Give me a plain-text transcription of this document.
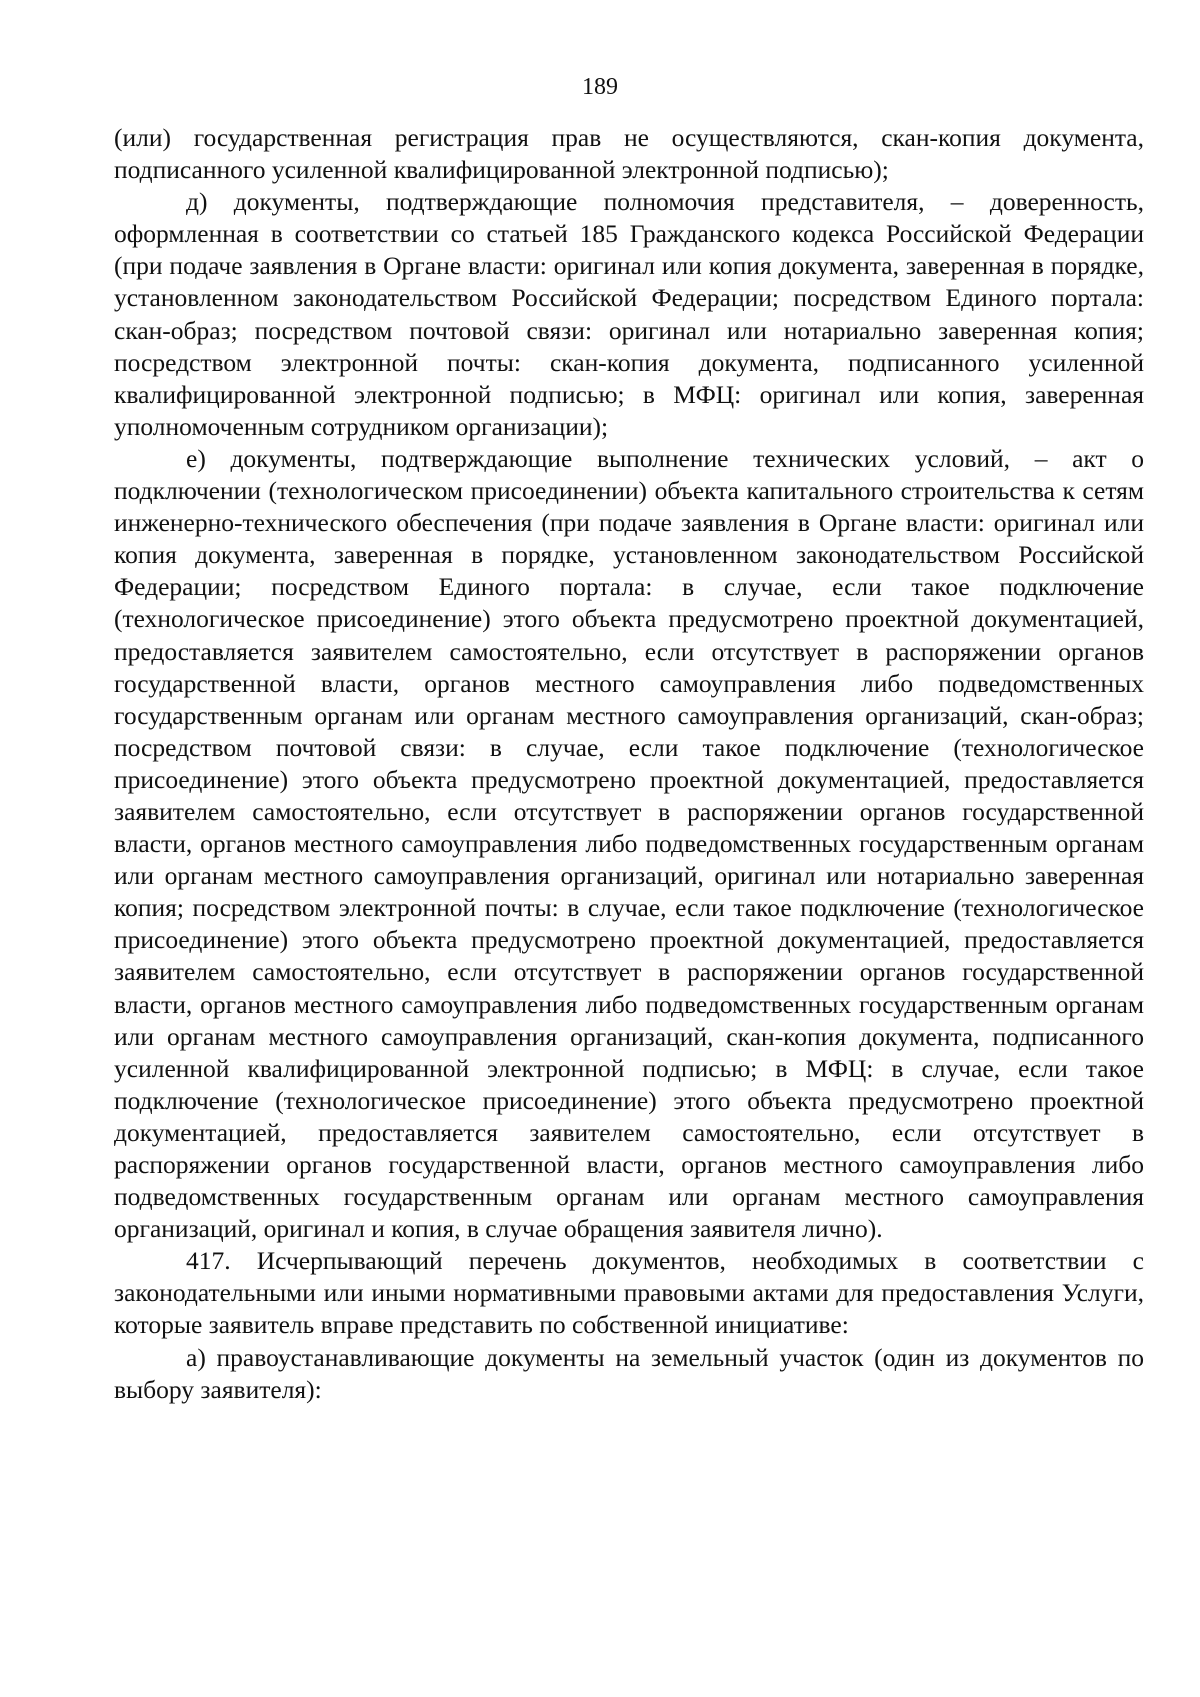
189

(или) государственная регистрация прав не осуществляются, скан-копия документа, подписанного усиленной квалифицированной электронной подписью);

д) документы, подтверждающие полномочия представителя, – доверенность, оформленная в соответствии со статьей 185 Гражданского кодекса Российской Федерации (при подаче заявления в Органе власти: оригинал или копия документа, заверенная в порядке, установленном законодательством Российской Федерации; посредством Единого портала: скан-образ; посредством почтовой связи: оригинал или нотариально заверенная копия; посредством электронной почты: скан-копия документа, подписанного усиленной квалифицированной электронной подписью; в МФЦ: оригинал или копия, заверенная уполномоченным сотрудником организации);

е) документы, подтверждающие выполнение технических условий, – акт о подключении (технологическом присоединении) объекта капитального строительства к сетям инженерно-технического обеспечения (при подаче заявления в Органе власти: оригинал или копия документа, заверенная в порядке, установленном законодательством Российской Федерации; посредством Единого портала: в случае, если такое подключение (технологическое присоединение) этого объекта предусмотрено проектной документацией, предоставляется заявителем самостоятельно, если отсутствует в распоряжении органов государственной власти, органов местного самоуправления либо подведомственных государственным органам или органам местного самоуправления организаций, скан-образ; посредством почтовой связи: в случае, если такое подключение (технологическое присоединение) этого объекта предусмотрено проектной документацией, предоставляется заявителем самостоятельно, если отсутствует в распоряжении органов государственной власти, органов местного самоуправления либо подведомственных государственным органам или органам местного самоуправления организаций, оригинал или нотариально заверенная копия; посредством электронной почты: в случае, если такое подключение (технологическое присоединение) этого объекта предусмотрено проектной документацией, предоставляется заявителем самостоятельно, если отсутствует в распоряжении органов государственной власти, органов местного самоуправления либо подведомственных государственным органам или органам местного самоуправления организаций, скан-копия документа, подписанного усиленной квалифицированной электронной подписью; в МФЦ: в случае, если такое подключение (технологическое присоединение) этого объекта предусмотрено проектной документацией, предоставляется заявителем самостоятельно, если отсутствует в распоряжении органов государственной власти, органов местного самоуправления либо подведомственных государственным органам или органам местного самоуправления организаций, оригинал и копия, в случае обращения заявителя лично).

417. Исчерпывающий перечень документов, необходимых в соответствии с законодательными или иными нормативными правовыми актами для предоставления Услуги, которые заявитель вправе представить по собственной инициативе:

а) правоустанавливающие документы на земельный участок (один из документов по выбору заявителя):
